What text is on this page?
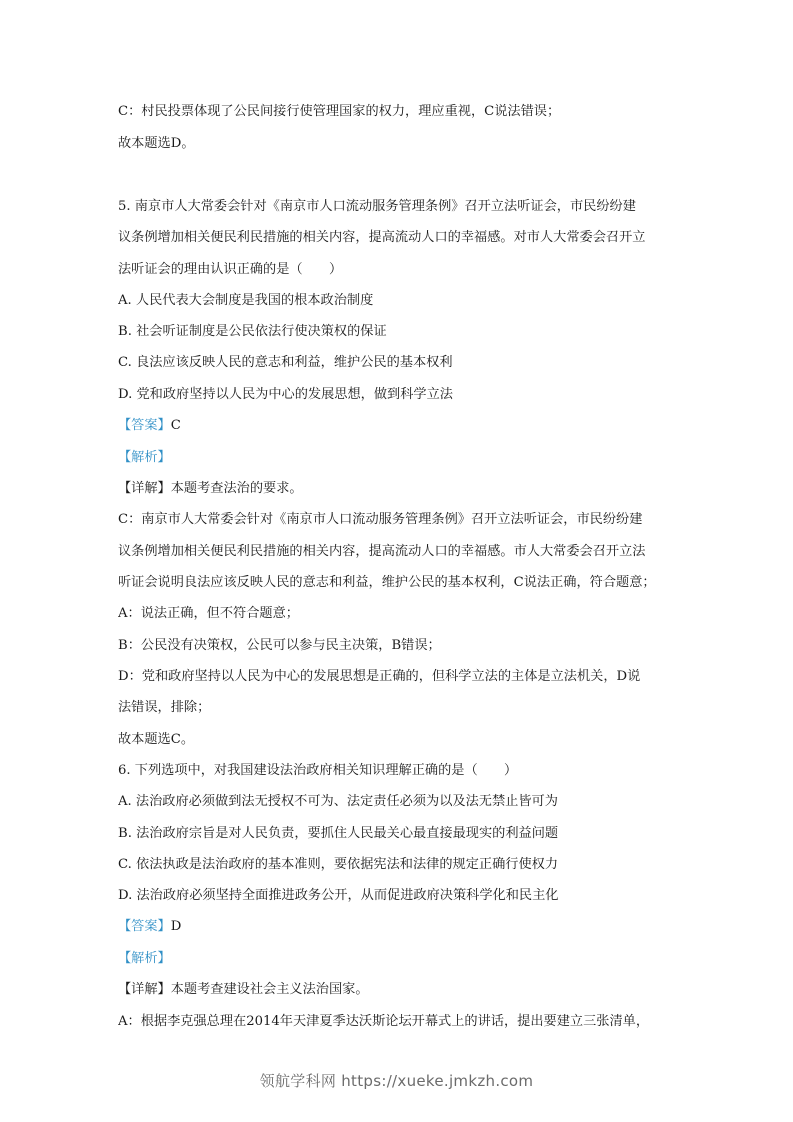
C：村民投票体现了公民间接行使管理国家的权力，理应重视，C说法错误；
故本题选D。
5. 南京市人大常委会针对《南京市人口流动服务管理条例》召开立法听证会，市民纷纷建
议条例增加相关便民利民措施的相关内容，提高流动人口的幸福感。对市人大常委会召开立
法听证会的理由认识正确的是（　　）
A. 人民代表大会制度是我国的根本政治制度
B. 社会听证制度是公民依法行使决策权的保证
C. 良法应该反映人民的意志和利益，维护公民的基本权利
D. 党和政府坚持以人民为中心的发展思想，做到科学立法
【答案】C
【解析】
【详解】本题考查法治的要求。
C：南京市人大常委会针对《南京市人口流动服务管理条例》召开立法听证会，市民纷纷建
议条例增加相关便民利民措施的相关内容，提高流动人口的幸福感。市人大常委会召开立法
听证会说明良法应该反映人民的意志和利益，维护公民的基本权利，C说法正确，符合题意；
A：说法正确，但不符合题意；
B：公民没有决策权，公民可以参与民主决策，B错误；
D：党和政府坚持以人民为中心的发展思想是正确的，但科学立法的主体是立法机关，D说
法错误，排除；
故本题选C。
6. 下列选项中，对我国建设法治政府相关知识理解正确的是（　　）
A. 法治政府必须做到法无授权不可为、法定责任必须为以及法无禁止皆可为
B. 法治政府宗旨是对人民负责，要抓住人民最关心最直接最现实的利益问题
C. 依法执政是法治政府的基本准则，要依据宪法和法律的规定正确行使权力
D. 法治政府必须坚持全面推进政务公开，从而促进政府决策科学化和民主化
【答案】D
【解析】
【详解】本题考查建设社会主义法治国家。
A：根据李克强总理在2014年天津夏季达沃斯论坛开幕式上的讲话，提出要建立三张清单，
领航学科网 https://xueke.jmkzh.com
